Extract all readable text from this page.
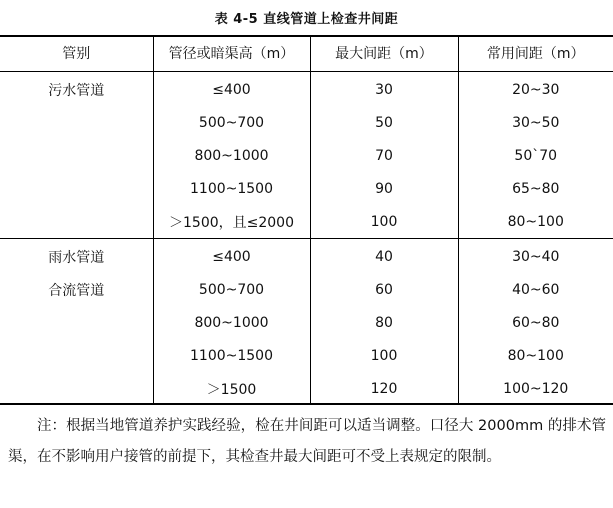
表 4-5 直线管道上检查井间距
管别	管径或暗渠高（m）	最大间距（m）	常用间距（m）
污水管道	≤400	30	20~30
	500~700	50	30~50
	800~1000	70	50`70
	1100~1500	90	65~80
	＞1500，且≤2000	100	80~100
雨水管道	≤400	40	30~40
合流管道	500~700	60	40~60
	800~1000	80	60~80
	1100~1500	100	80~100
	＞1500	120	100~120
注：根据当地管道养护实践经验，检在井间距可以适当调整。口径大 2000mm 的排术管渠，在不影响用户接管的前提下，其检查井最大间距可不受上表规定的限制。
